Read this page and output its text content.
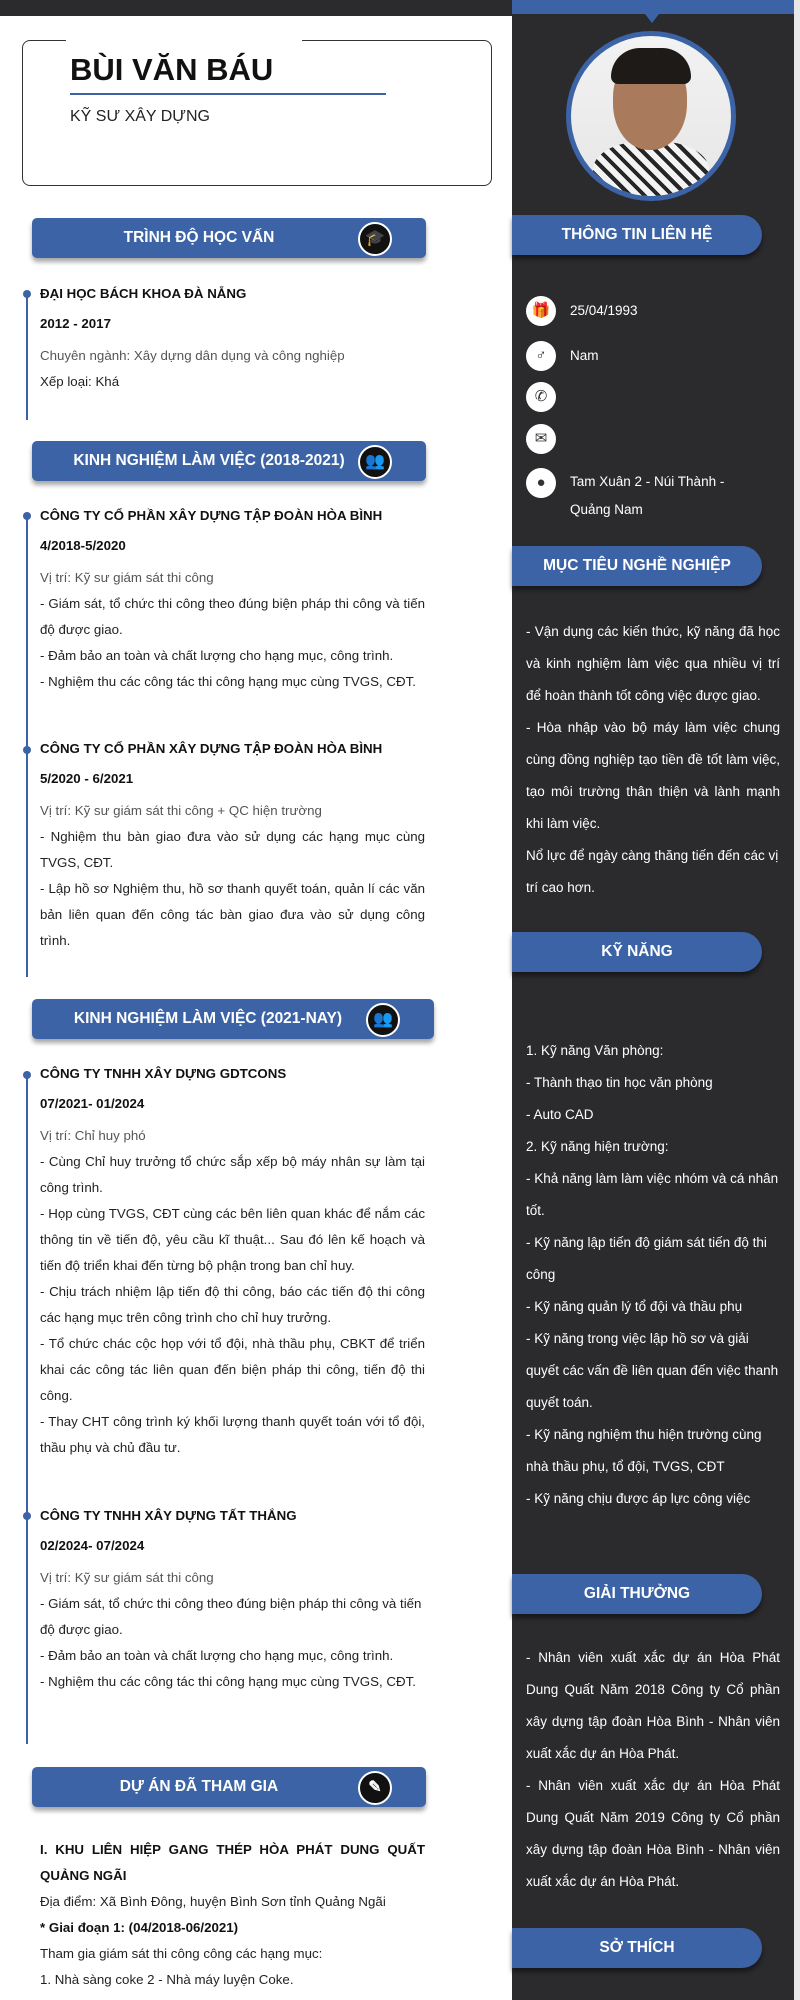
BÙI VĂN BÁU
KỸ SƯ XÂY DỰNG
TRÌNH ĐỘ HỌC VẤN	🎓
ĐẠI HỌC BÁCH KHOA ĐÀ NẴNG
2012 - 2017
Chuyên ngành: Xây dựng dân dụng và công nghiệp
Xếp loại: Khá
KINH NGHIỆM LÀM VIỆC (2018-2021)	👥
CÔNG TY CỔ PHẦN XÂY DỰNG TẬP ĐOÀN HÒA BÌNH
4/2018-5/2020
Vị trí: Kỹ sư giám sát thi công
- Giám sát, tổ chức thi công theo đúng biện pháp thi công và tiến độ được giao.
- Đảm bảo an toàn và chất lượng cho hạng mục, công trình.
- Nghiệm thu các công tác thi công hạng mục cùng TVGS, CĐT.
CÔNG TY CỔ PHẦN XÂY DỰNG TẬP ĐOÀN HÒA BÌNH
5/2020 - 6/2021
Vị trí: Kỹ sư giám sát thi công + QC hiện trường
- Nghiệm thu bàn giao đưa vào sử dụng các hạng mục cùng TVGS, CĐT.
- Lập hồ sơ Nghiệm thu, hồ sơ thanh quyết toán, quản lí các văn bản liên quan đến công tác bàn giao đưa vào sử dụng công trình.
KINH NGHIỆM LÀM VIỆC (2021-NAY)	👥
CÔNG TY TNHH XÂY DỰNG GDTCONS
07/2021- 01/2024
Vị trí: Chỉ huy phó
- Cùng Chỉ huy trưởng tổ chức sắp xếp bộ máy nhân sự làm tại công trình.
- Họp cùng TVGS, CĐT cùng các bên liên quan khác để nắm các thông tin về tiến độ, yêu cầu kĩ thuật... Sau đó lên kế hoạch và tiến độ triển khai đến từng bộ phận trong ban chỉ huy.
- Chịu trách nhiệm lập tiến độ thi công, báo các tiến độ thi công các hạng mục trên công trình cho chỉ huy trưởng.
- Tổ chức chác cộc họp với tổ đội, nhà thầu phụ, CBKT để triển khai các công tác liên quan đến biện pháp thi công, tiến độ thi công.
- Thay CHT công trình ký khối lượng thanh quyết toán với tổ đội, thầu phụ và chủ đầu tư.
CÔNG TY TNHH XÂY DỰNG TẤT THẮNG
02/2024- 07/2024
Vị trí: Kỹ sư giám sát thi công
- Giám sát, tổ chức thi công theo đúng biện pháp thi công và tiến độ được giao.
- Đảm bảo an toàn và chất lượng cho hạng mục, công trình.
- Nghiệm thu các công tác thi công hạng mục cùng TVGS, CĐT.
DỰ ÁN ĐÃ THAM GIA	✎
I. KHU LIÊN HIỆP GANG THÉP HÒA PHÁT DUNG QUẤT QUẢNG NGÃI
Địa điểm: Xã Bình Đông, huyện Bình Sơn tỉnh Quảng Ngãi
* Giai đoạn 1: (04/2018-06/2021)
Tham gia giám sát thi công công các hạng mục:
1. Nhà sàng coke 2 - Nhà máy luyện Coke.
THÔNG TIN LIÊN HỆ
🎁	25/04/1993
♂	Nam
✆
✉
●	Tam Xuân 2 - Núi Thành - Quảng Nam
MỤC TIÊU NGHỀ NGHIỆP
- Vận dụng các kiến thức, kỹ năng đã học và kinh nghiệm làm việc qua nhiều vị trí để hoàn thành tốt công việc được giao.
- Hòa nhập vào bộ máy làm việc chung cùng đồng nghiệp tạo tiền đề tốt làm việc, tạo môi trường thân thiện và lành mạnh khi làm việc.
Nổ lực để ngày càng thăng tiến đến các vị trí cao hơn.
KỸ NĂNG
1. Kỹ năng Văn phòng:
- Thành thạo tin học văn phòng
- Auto CAD
2. Kỹ năng hiện trường:
- Khả năng làm làm việc nhóm và cá nhân tốt.
- Kỹ năng lập tiến độ giám sát tiến độ thi công
- Kỹ năng quản lý tổ đội và thầu phụ
- Kỹ năng trong việc lập hồ sơ và giải quyết các vấn đề liên quan đến việc thanh quyết toán.
- Kỹ năng nghiệm thu hiện trường cùng nhà thầu phụ, tổ đội, TVGS, CĐT
- Kỹ năng chịu được áp lực công việc
GIẢI THƯỞNG
- Nhân viên xuất xắc dự án Hòa Phát Dung Quất Năm 2018 Công ty Cổ phần xây dựng tập đoàn Hòa Bình - Nhân viên xuất xắc dự án Hòa Phát.
- Nhân viên xuất xắc dự án Hòa Phát Dung Quất Năm 2019 Công ty Cổ phần xây dựng tập đoàn Hòa Bình - Nhân viên xuất xắc dự án Hòa Phát.
SỞ THÍCH
